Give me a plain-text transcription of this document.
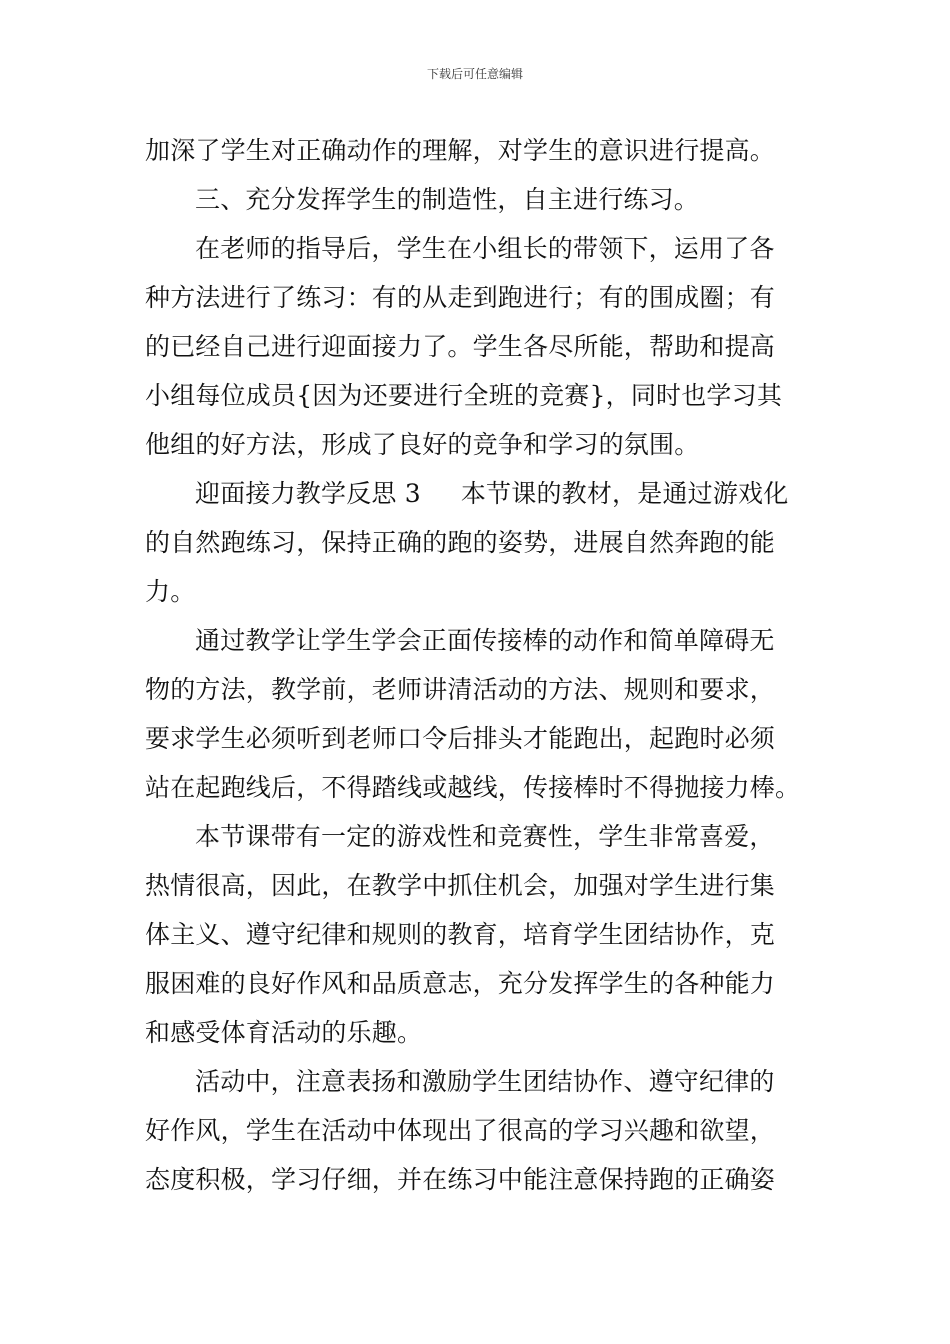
下载后可任意编辑
加深了学生对正确动作的理解，对学生的意识进行提高。
三、充分发挥学生的制造性，自主进行练习。
在老师的指导后，学生在小组长的带领下，运用了各
种方法进行了练习：有的从走到跑进行；有的围成圈；有
的已经自己进行迎面接力了。学生各尽所能，帮助和提高
小组每位成员{因为还要进行全班的竞赛}，同时也学习其
他组的好方法，形成了良好的竞争和学习的氛围。
迎面接力教学反思 3 本节课的教材，是通过游戏化
的自然跑练习，保持正确的跑的姿势，进展自然奔跑的能
力。
通过教学让学生学会正面传接棒的动作和简单障碍无
物的方法，教学前，老师讲清活动的方法、规则和要求，
要求学生必须听到老师口令后排头才能跑出，起跑时必须
站在起跑线后，不得踏线或越线，传接棒时不得抛接力棒。
本节课带有一定的游戏性和竞赛性，学生非常喜爱，
热情很高，因此，在教学中抓住机会，加强对学生进行集
体主义、遵守纪律和规则的教育，培育学生团结协作，克
服困难的良好作风和品质意志，充分发挥学生的各种能力
和感受体育活动的乐趣。
活动中，注意表扬和激励学生团结协作、遵守纪律的
好作风，学生在活动中体现出了很高的学习兴趣和欲望，
态度积极，学习仔细，并在练习中能注意保持跑的正确姿
